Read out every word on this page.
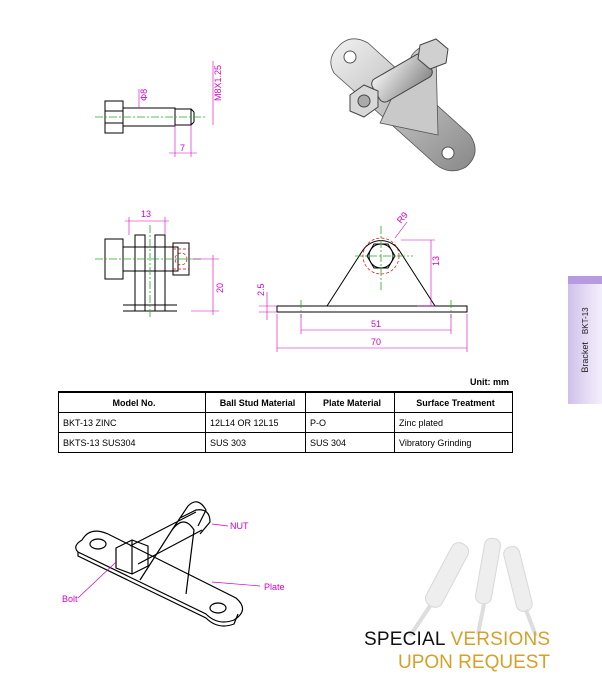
Φ8	M8X1.25
7
13
20
R9
13
2.5
51
70
BracketBKT-13
Unit: mm
Model No.	Ball Stud Material	Plate Material	Surface Treatment
BKT-13 ZINC	12L14 OR 12L15	P-O	Zinc plated
BKTS-13 SUS304	SUS 303	SUS 304	Vibratory Grinding
NUT
Bolt
Plate
SPECIAL VERSIONS
UPON REQUEST
